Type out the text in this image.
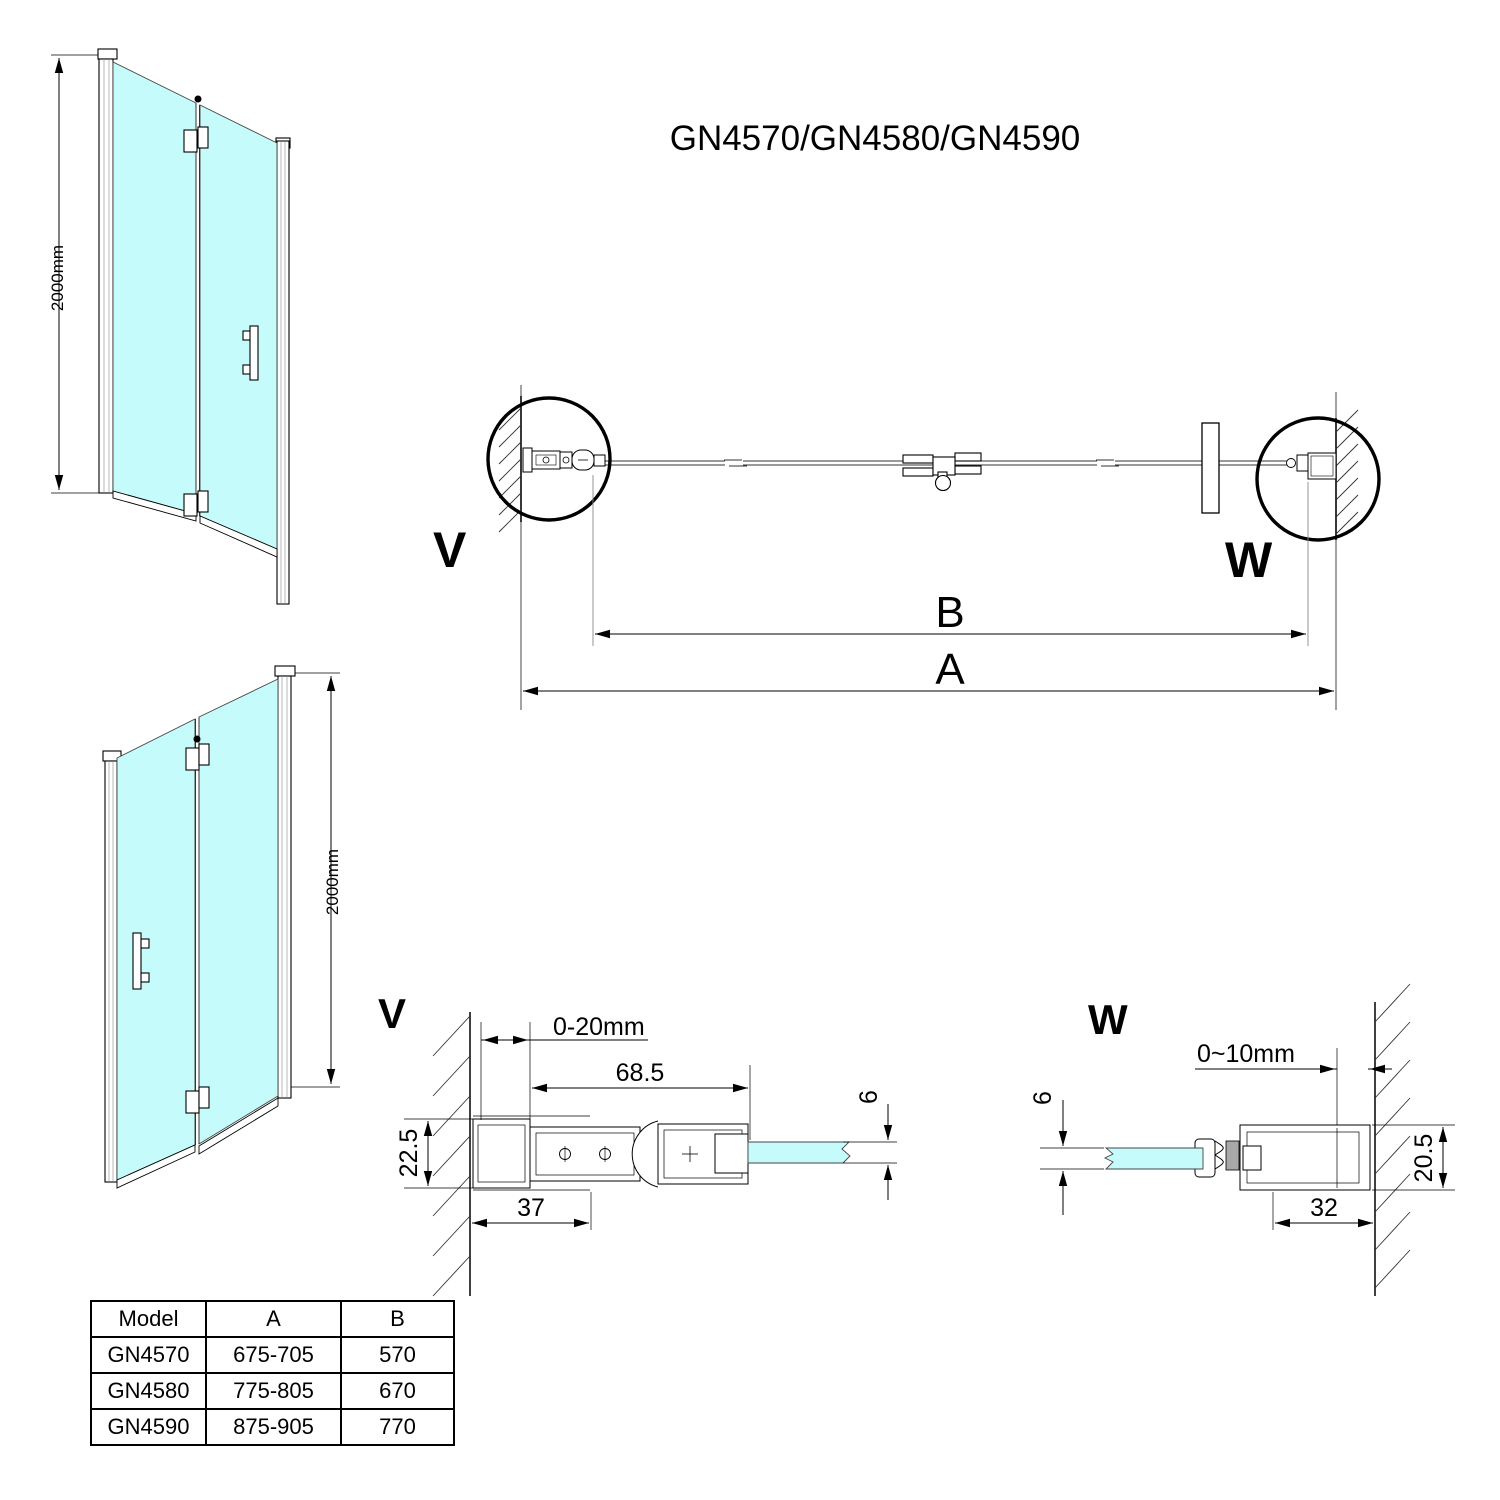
GN4570/GN4580/GN4590
2000mm
2000mm
V	W
B
A
V	0-20mm
68.5
22.5
37
6
W
0~10mm
32
20.5
6
Model	A	B
GN4570	675-705	570
GN4580	775-805	670
GN4590	875-905	770
